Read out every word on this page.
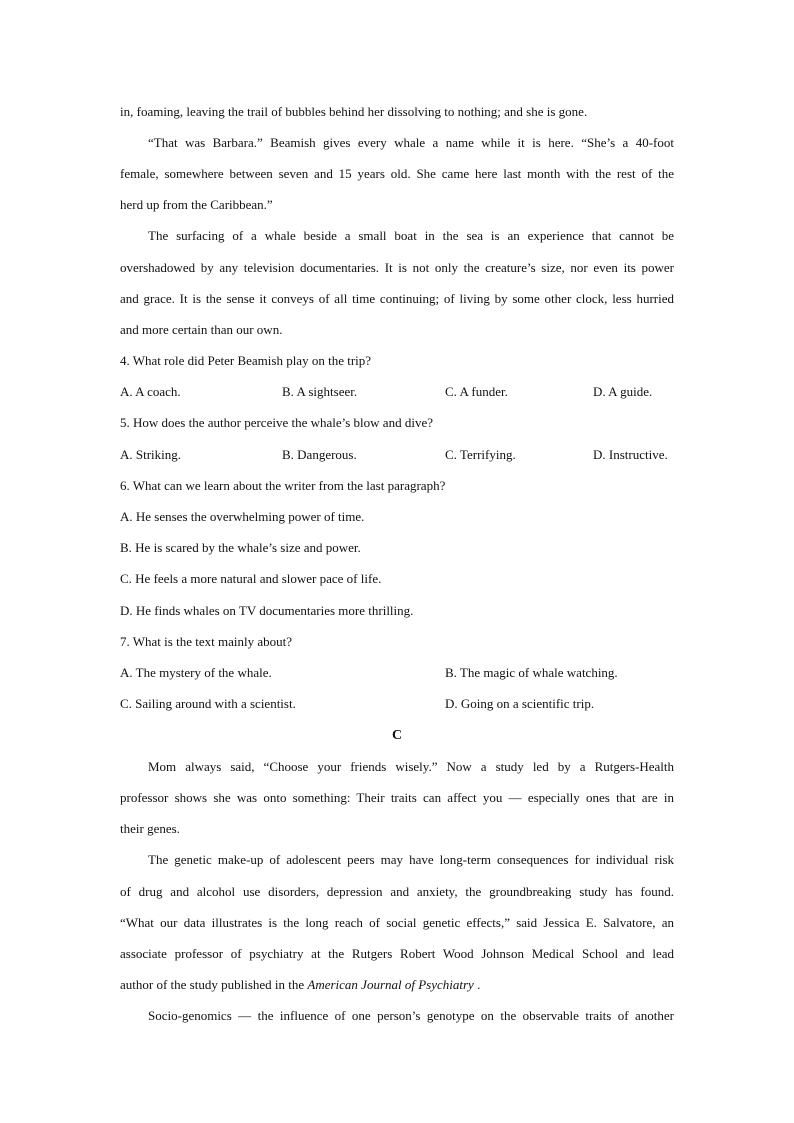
in, foaming, leaving the trail of bubbles behind her dissolving to nothing; and she is gone.
“That was Barbara.” Beamish gives every whale a name while it is here. “She’s a 40-foot
female, somewhere between seven and 15 years old. She came here last month with the rest of the
herd up from the Caribbean.”
The surfacing of a whale beside a small boat in the sea is an experience that cannot be
overshadowed by any television documentaries. It is not only the creature’s size, nor even its power
and grace. It is the sense it conveys of all time continuing; of living by some other clock, less hurried
and more certain than our own.
4. What role did Peter Beamish play on the trip?
A. A coach.	B. A sightseer.	C. A funder.	D. A guide.
5. How does the author perceive the whale’s blow and dive?
A. Striking.	B. Dangerous.	C. Terrifying.	D. Instructive.
6. What can we learn about the writer from the last paragraph?
A. He senses the overwhelming power of time.
B. He is scared by the whale’s size and power.
C. He feels a more natural and slower pace of life.
D. He finds whales on TV documentaries more thrilling.
7. What is the text mainly about?
A. The mystery of the whale.	B. The magic of whale watching.
C. Sailing around with a scientist.	D. Going on a scientific trip.
C
Mom always said, “Choose your friends wisely.” Now a study led by a Rutgers-Health
professor shows she was onto something: Their traits can affect you — especially ones that are in
their genes.
The genetic make-up of adolescent peers may have long-term consequences for individual risk
of drug and alcohol use disorders, depression and anxiety, the groundbreaking study has found.
“What our data illustrates is the long reach of social genetic effects,” said Jessica E. Salvatore, an
associate professor of psychiatry at the Rutgers Robert Wood Johnson Medical School and lead
author of the study published in the American Journal of Psychiatry .
Socio-genomics — the influence of one person’s genotype on the observable traits of another
